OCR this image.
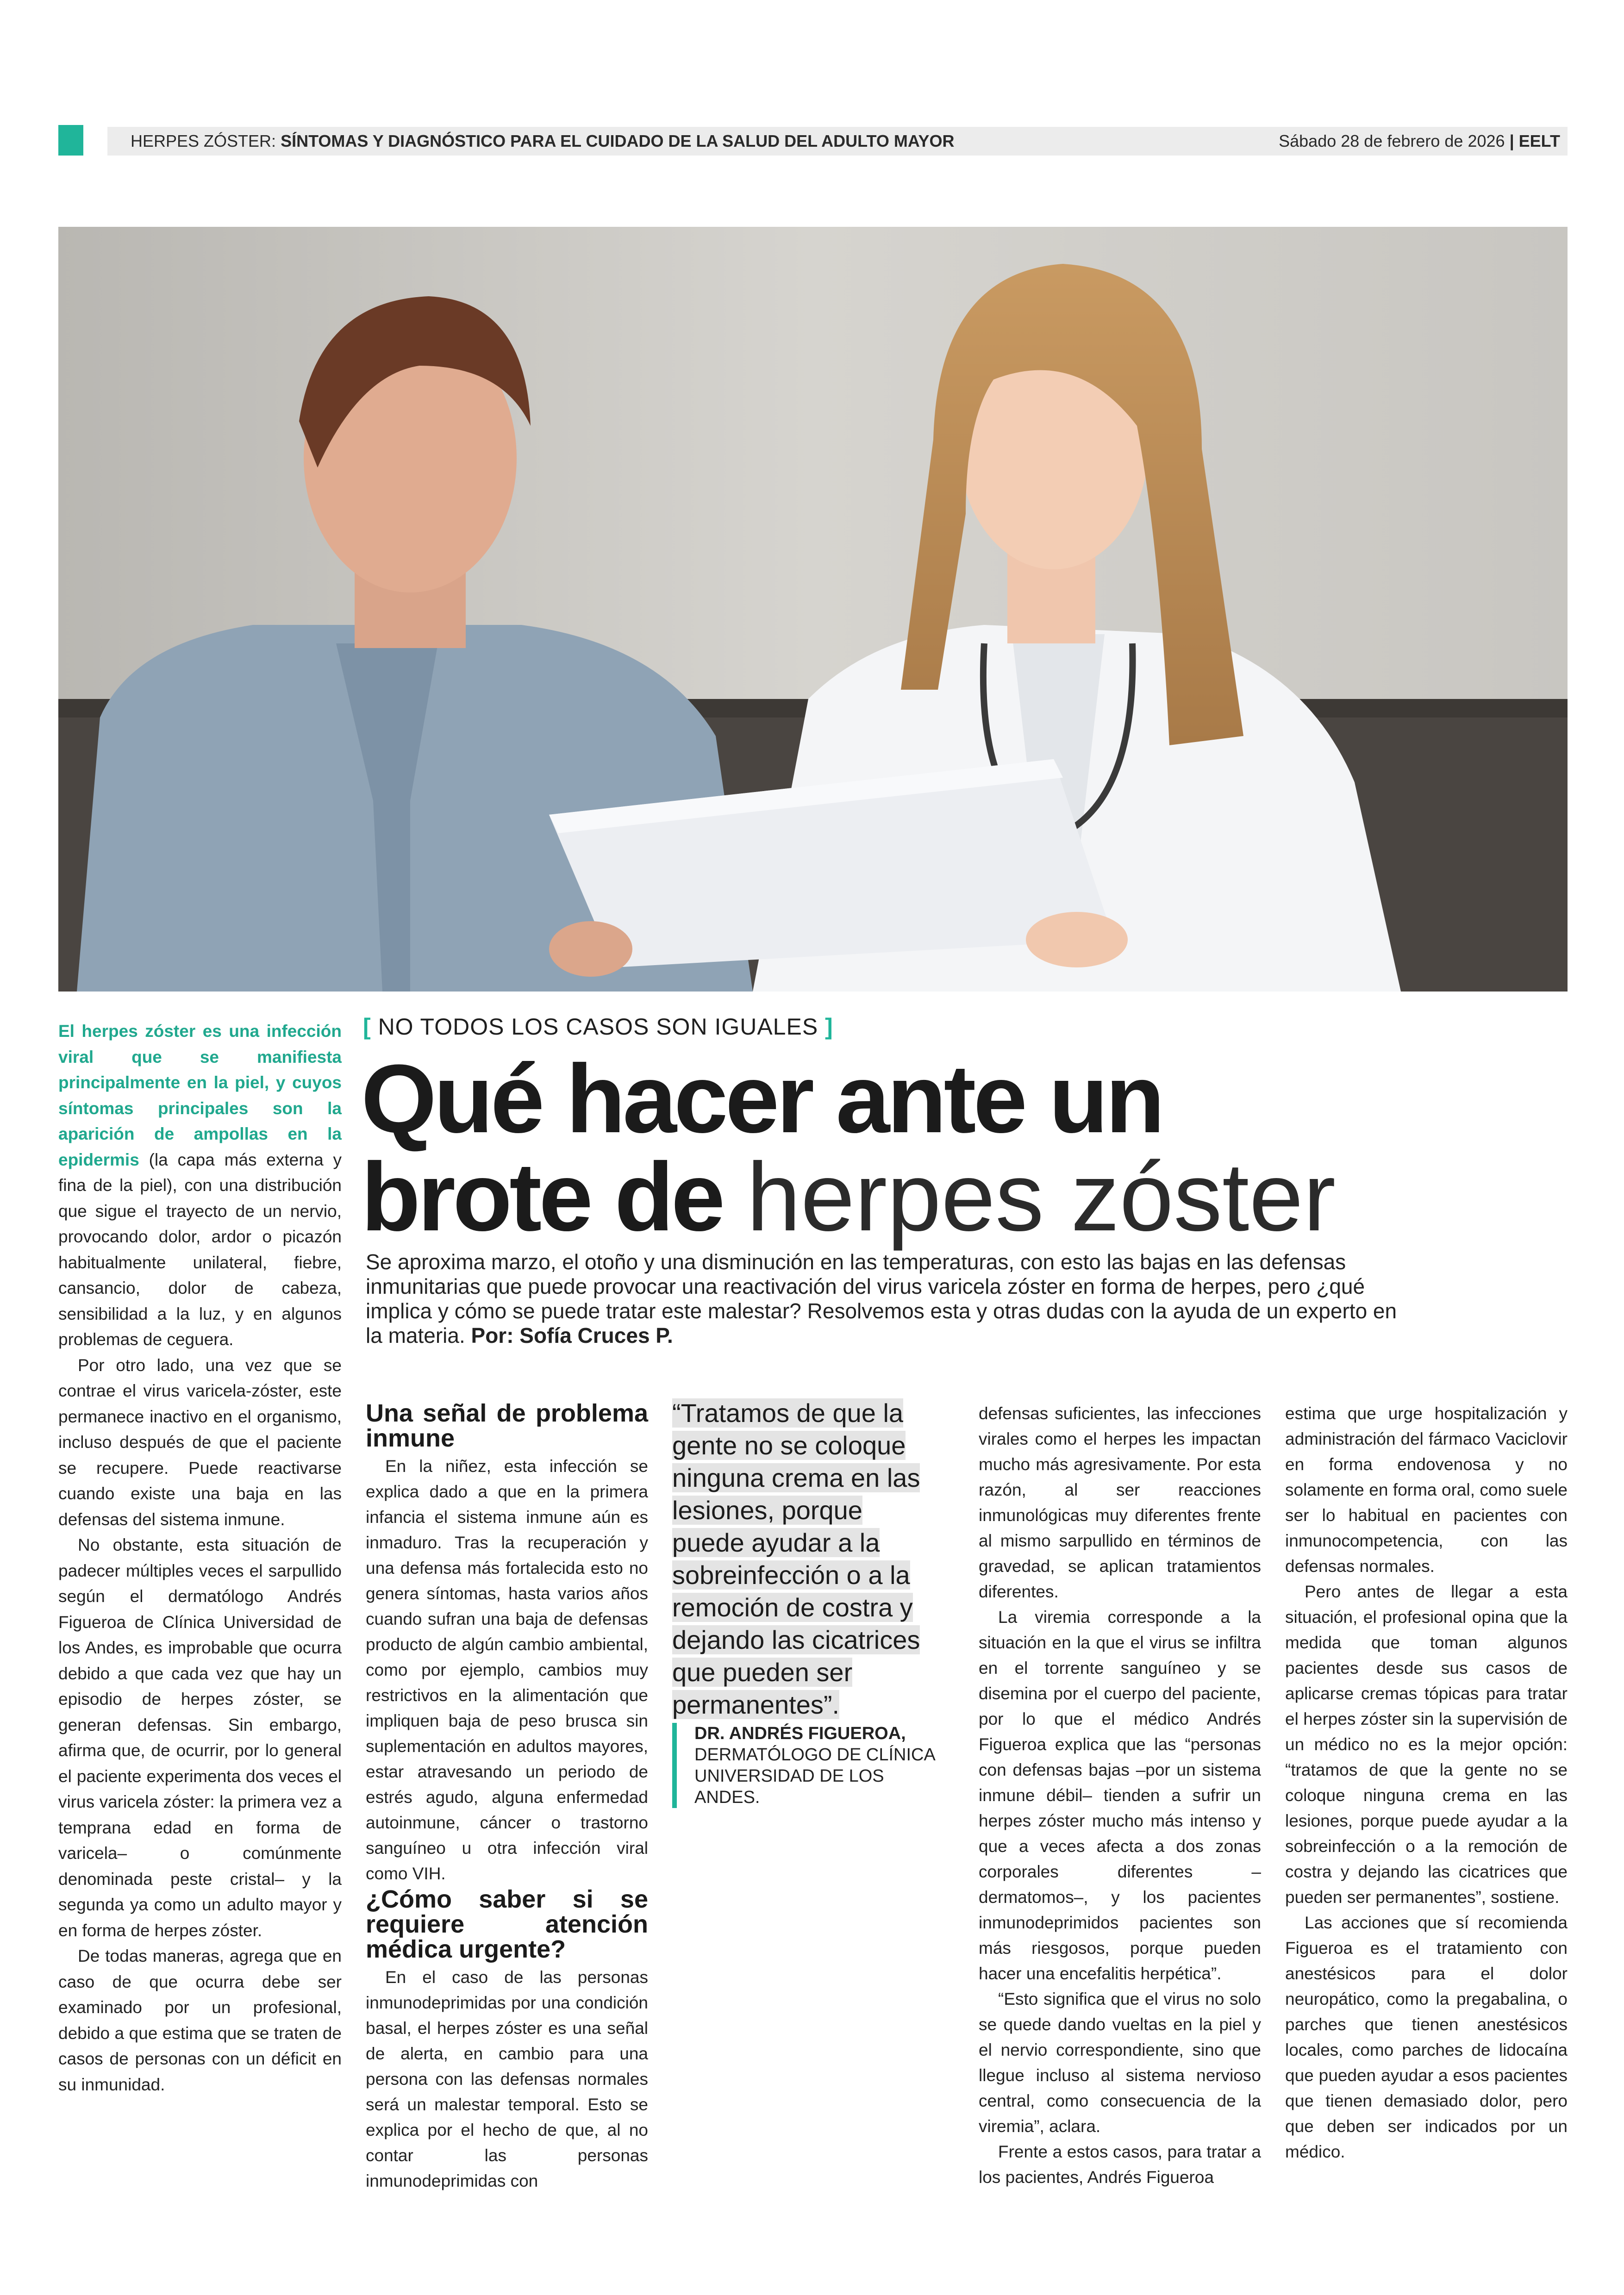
HERPES ZÓSTER: SÍNTOMAS Y DIAGNÓSTICO PARA EL CUIDADO DE LA SALUD DEL ADULTO MAYOR	Sábado 28 de febrero de 2026 | EELT

El herpes zóster es una infección viral que se manifiesta principalmente en la piel, y cuyos síntomas principales son la aparición de ampollas en la epidermis (la capa más externa y fina de la piel), con una distribución que sigue el trayecto de un nervio, provocando dolor, ardor o picazón habitualmente unilateral, fiebre, cansancio, dolor de cabeza, sensibilidad a la luz, y en algunos problemas de ceguera.

Por otro lado, una vez que se contrae el virus varicela-zóster, este permanece inactivo en el organismo, incluso después de que el paciente se recupere. Puede reactivarse cuando existe una baja en las defensas del sistema inmune.

No obstante, esta situación de padecer múltiples veces el sarpullido según el dermatólogo Andrés Figueroa de Clínica Universidad de los Andes, es improbable que ocurra debido a que cada vez que hay un episodio de herpes zóster, se generan defensas. Sin embargo, afirma que, de ocurrir, por lo general el paciente experimenta dos veces el virus varicela zóster: la primera vez a temprana edad en forma de varicela– o comúnmente denominada peste cristal– y la segunda ya como un adulto mayor y en forma de herpes zóster.

De todas maneras, agrega que en caso de que ocurra debe ser examinado por un profesional, debido a que estima que se traten de casos de personas con un déficit en su inmunidad.

[ NO TODOS LOS CASOS SON IGUALES ]
Qué hacer ante un
brote de herpes zóster
Se aproxima marzo, el otoño y una disminución en las temperaturas, con esto las bajas en las defensas inmunitarias que puede provocar una reactivación del virus varicela zóster en forma de herpes, pero ¿qué implica y cómo se puede tratar este malestar? Resolvemos esta y otras dudas con la ayuda de un experto en la materia. Por: Sofía Cruces P.
Una señal de problema inmune

En la niñez, esta infección se explica dado a que en la primera infancia el sistema inmune aún es inmaduro. Tras la recuperación y una defensa más fortalecida esto no genera síntomas, hasta varios años cuando sufran una baja de defensas producto de algún cambio ambiental, como por ejemplo, cambios muy restrictivos en la alimentación que impliquen baja de peso brusca sin suplementación en adultos mayores, estar atravesando un periodo de estrés agudo, alguna enfermedad autoinmune, cáncer o trastorno sanguíneo u otra infección viral como VIH.

¿Cómo saber si se requiere atención médica urgente?

En el caso de las personas inmunodeprimidas por una condición basal, el herpes zóster es una señal de alerta, en cambio para una persona con las defensas normales será un malestar temporal. Esto se explica por el hecho de que, al no contar las personas inmunodeprimidas con

“Tratamos de que la gente no se coloque ninguna crema en las lesiones, porque puede ayudar a la sobreinfección o a la remoción de costra y dejando las cicatrices que pueden ser permanentes”.
DR. ANDRÉS FIGUEROA,
DERMATÓLOGO DE CLÍNICA UNIVERSIDAD DE LOS ANDES.

defensas suficientes, las infecciones virales como el herpes les impactan mucho más agresivamente. Por esta razón, al ser reacciones inmunológicas muy diferentes frente al mismo sarpullido en términos de gravedad, se aplican tratamientos diferentes.

La viremia corresponde a la situación en la que el virus se infiltra en el torrente sanguíneo y se disemina por el cuerpo del paciente, por lo que el médico Andrés Figueroa explica que las “personas con defensas bajas –por un sistema inmune débil– tienden a sufrir un herpes zóster mucho más intenso y que a veces afecta a dos zonas corporales diferentes –dermatomos–, y los pacientes inmunodeprimidos pacientes son más riesgosos, porque pueden hacer una encefalitis herpética”.

“Esto significa que el virus no solo se quede dando vueltas en la piel y el nervio correspondiente, sino que llegue incluso al sistema nervioso central, como consecuencia de la viremia”, aclara.

Frente a estos casos, para tratar a los pacientes, Andrés Figueroa

estima que urge hospitalización y administración del fármaco Vaciclovir en forma endovenosa y no solamente en forma oral, como suele ser lo habitual en pacientes con inmunocompetencia, con las defensas normales.

Pero antes de llegar a esta situación, el profesional opina que la medida que toman algunos pacientes desde sus casos de aplicarse cremas tópicas para tratar el herpes zóster sin la supervisión de un médico no es la mejor opción: “tratamos de que la gente no se coloque ninguna crema en las lesiones, porque puede ayudar a la sobreinfección o a la remoción de costra y dejando las cicatrices que pueden ser permanentes”, sostiene.

Las acciones que sí recomienda Figueroa es el tratamiento con anestésicos para el dolor neuropático, como la pregabalina, o parches que tienen anestésicos locales, como parches de lidocaína que pueden ayudar a esos pacientes que tienen demasiado dolor, pero que deben ser indicados por un médico.
